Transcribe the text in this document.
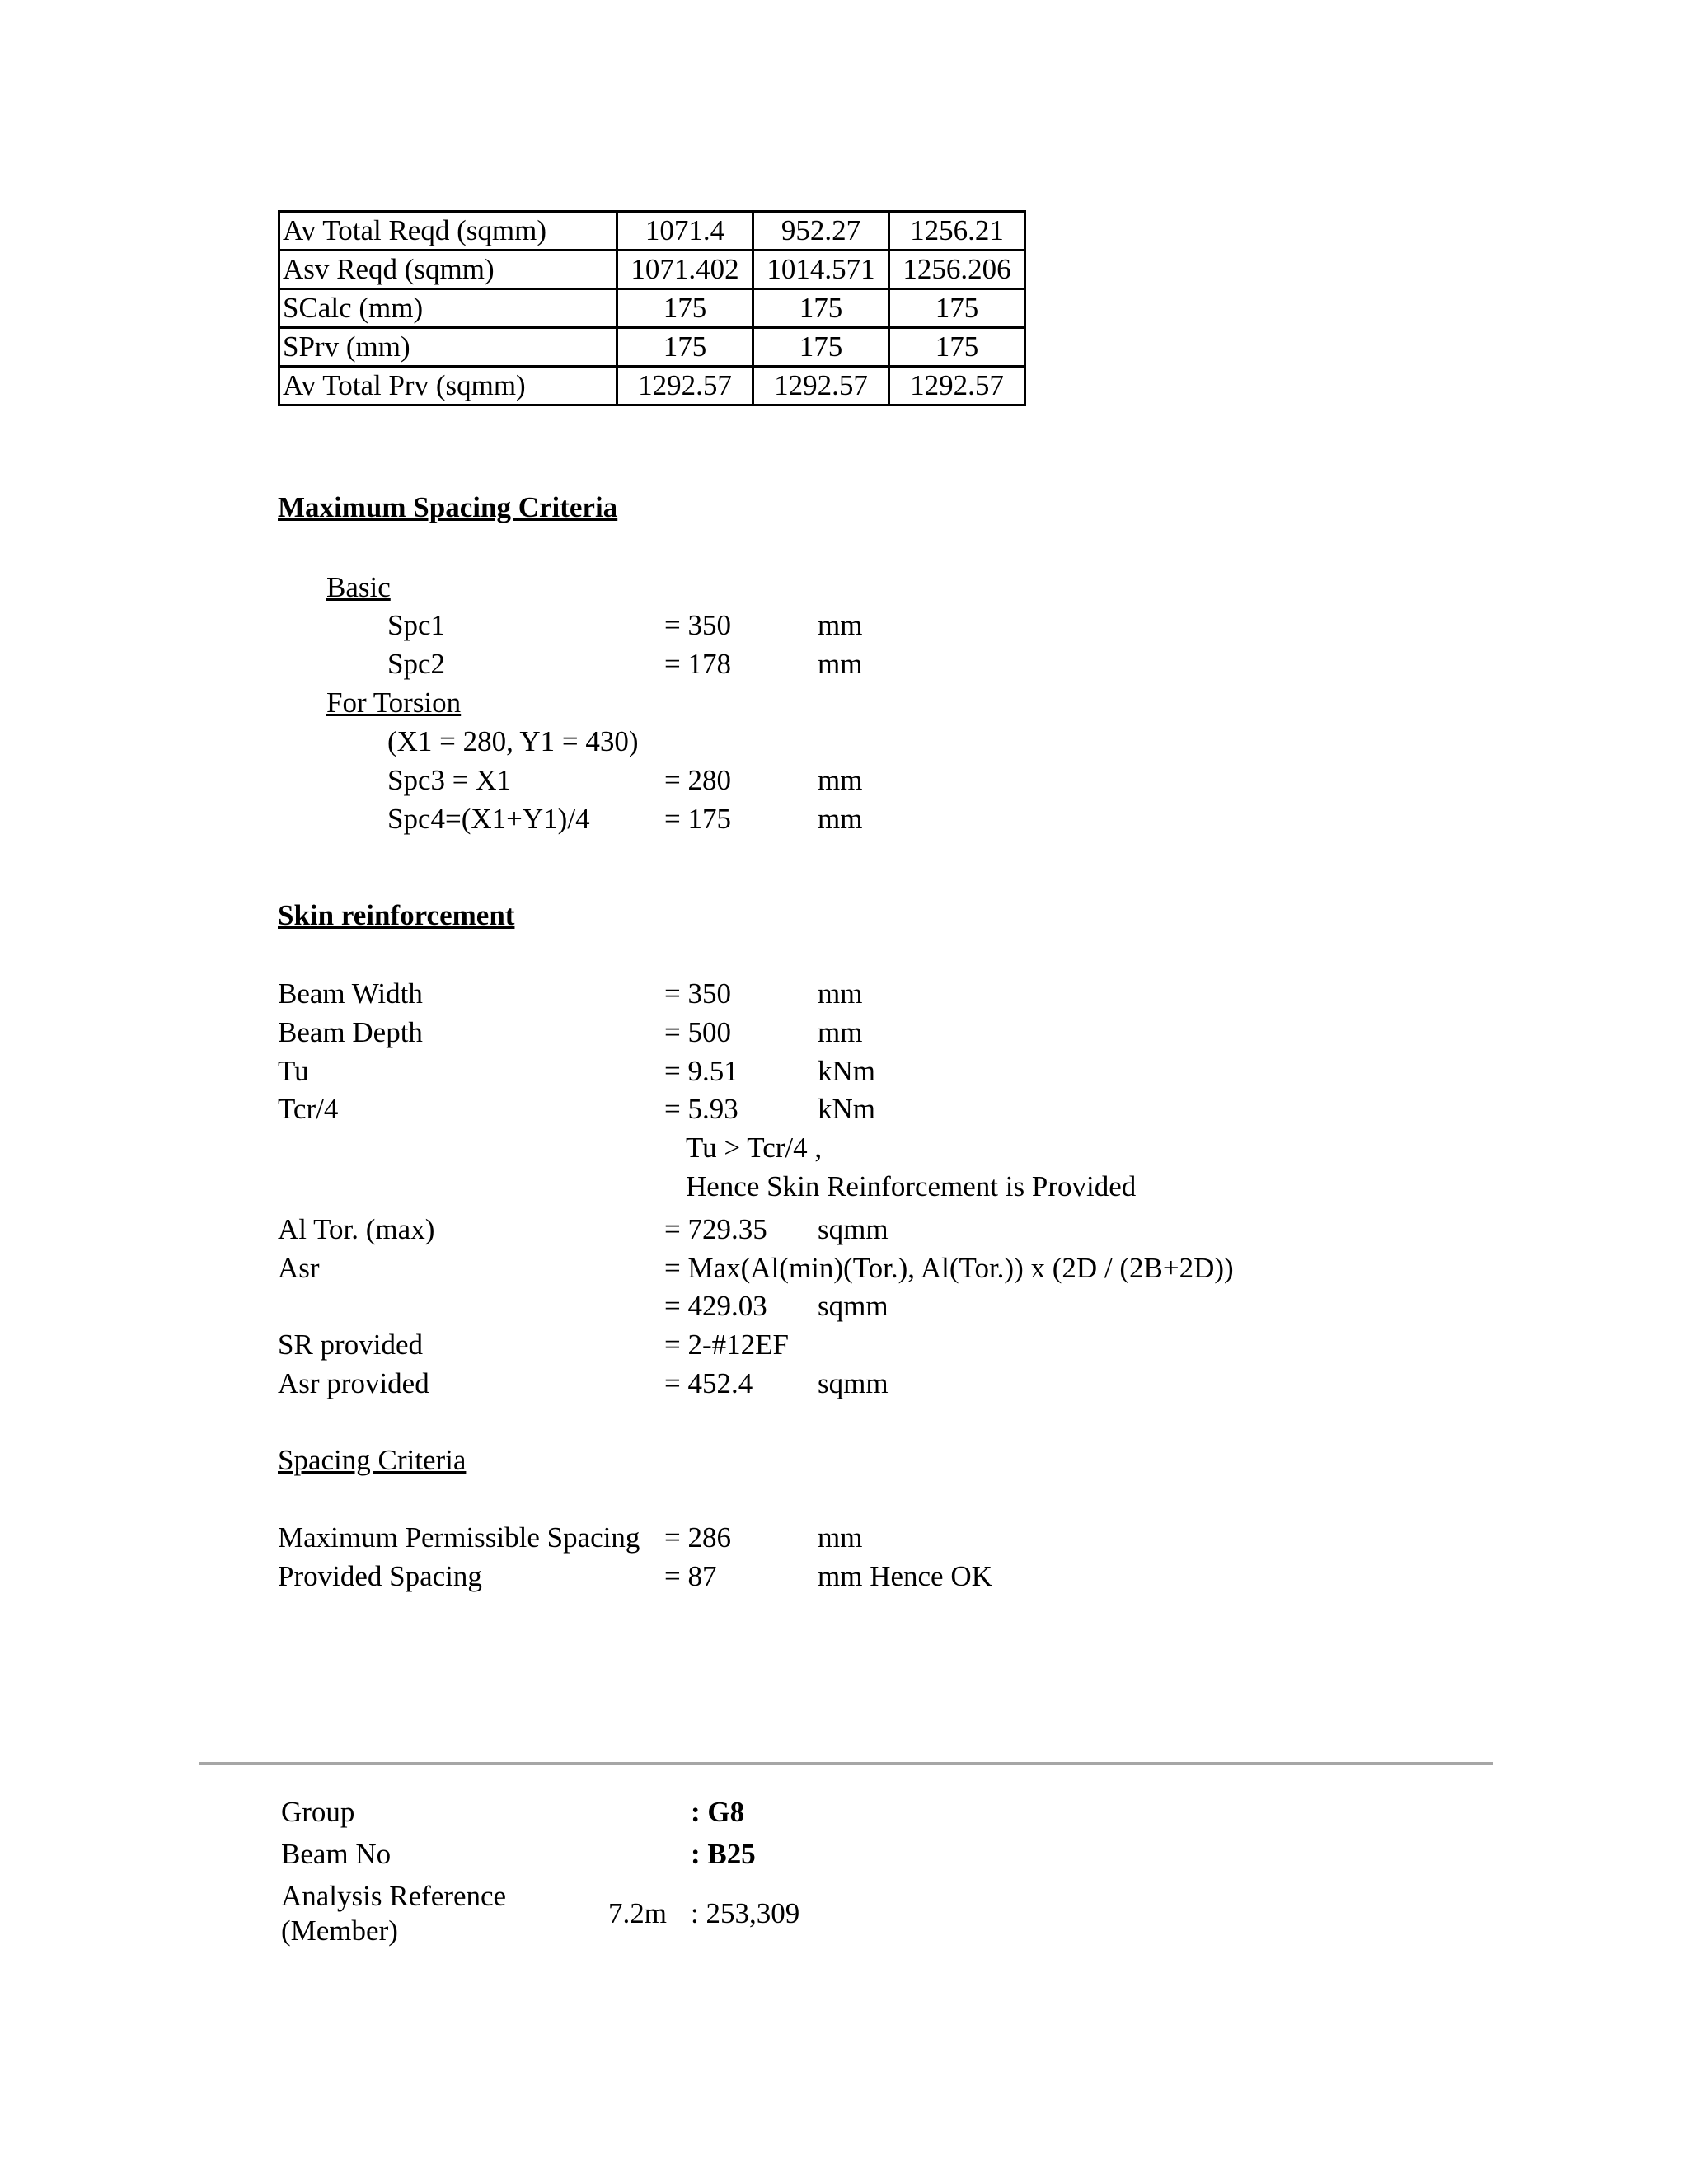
Av Total Reqd (sqmm)	1071.4	952.27	1256.21
Asv Reqd (sqmm)	1071.402	1014.571	1256.206
SCalc (mm)	175	175	175
SPrv (mm)	175	175	175
Av Total Prv (sqmm)	1292.57	1292.57	1292.57
Maximum Spacing Criteria
Basic
Spc1	= 350	mm
Spc2	= 178	mm
For Torsion
(X1 = 280, Y1 = 430)
Spc3 = X1	= 280	mm
Spc4=(X1+Y1)/4	= 175	mm
Skin reinforcement
Beam Width	= 350	mm
Beam Depth	= 500	mm
Tu	= 9.51	kNm
Tcr/4	= 5.93	kNm
Tu > Tcr/4 ,
Hence Skin Reinforcement is Provided
Al Tor. (max)	= 729.35 sqmm
Asr	= Max(Al(min)(Tor.), Al(Tor.)) x (2D / (2B+2D))
= 429.03 sqmm
SR provided	= 2-#12EF
Asr provided	= 452.4 sqmm
Spacing Criteria
Maximum Permissible Spacing = 286	mm
Provided Spacing	= 87	mm Hence OK
Group	: G8
Beam No	: B25
Analysis Reference
(Member)
7.2m : 253,309
